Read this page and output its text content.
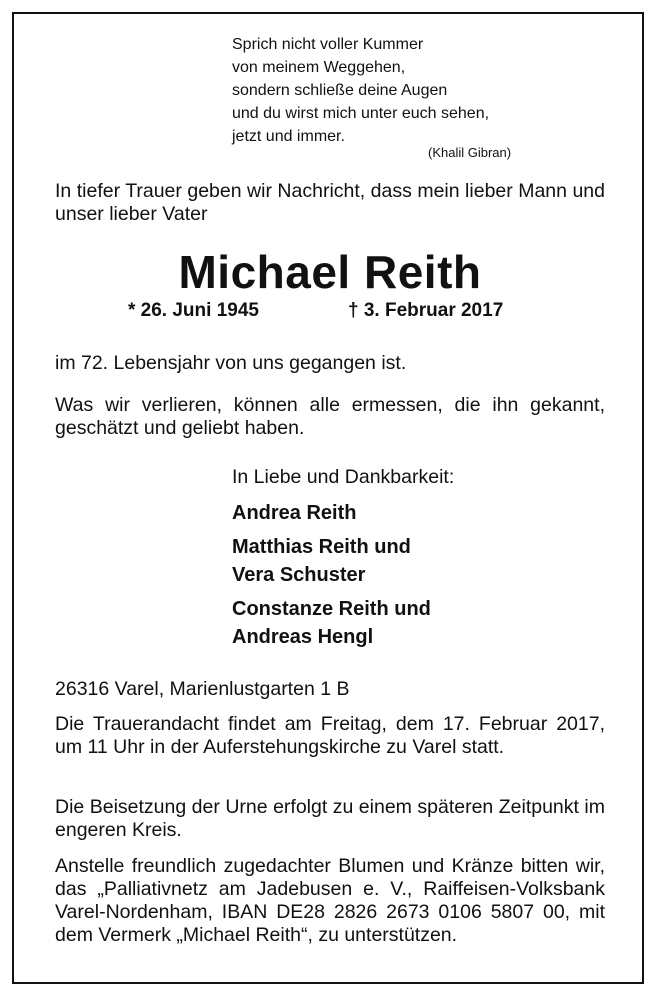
Sprich nicht voller Kummer
von meinem Weggehen,
sondern schließe deine Augen
und du wirst mich unter euch sehen,
jetzt und immer.
(Khalil Gibran)
In tiefer Trauer geben wir Nachricht, dass mein lieber Mann und unser lieber Vater
Michael Reith
* 26. Juni 1945	† 3. Februar 2017
im 72. Lebensjahr von uns gegangen ist.
Was wir verlieren, können alle ermessen, die ihn gekannt, geschätzt und geliebt haben.
In Liebe und Dankbarkeit:
Andrea Reith
Matthias Reith und
Vera Schuster
Constanze Reith und
Andreas Hengl
26316 Varel, Marienlustgarten 1 B
Die Trauerandacht findet am Freitag, dem 17. Februar 2017, um 11 Uhr in der Auferstehungskirche zu Varel statt.
Die Beisetzung der Urne erfolgt zu einem späteren Zeitpunkt im engeren Kreis.
Anstelle freundlich zugedachter Blumen und Kränze bitten wir, das „Palliativnetz am Jadebusen e. V., Raiffeisen-Volksbank Varel-Nordenham, IBAN DE28 2826 2673 0106 5807 00, mit dem Vermerk „Michael Reith“, zu unterstützen.
